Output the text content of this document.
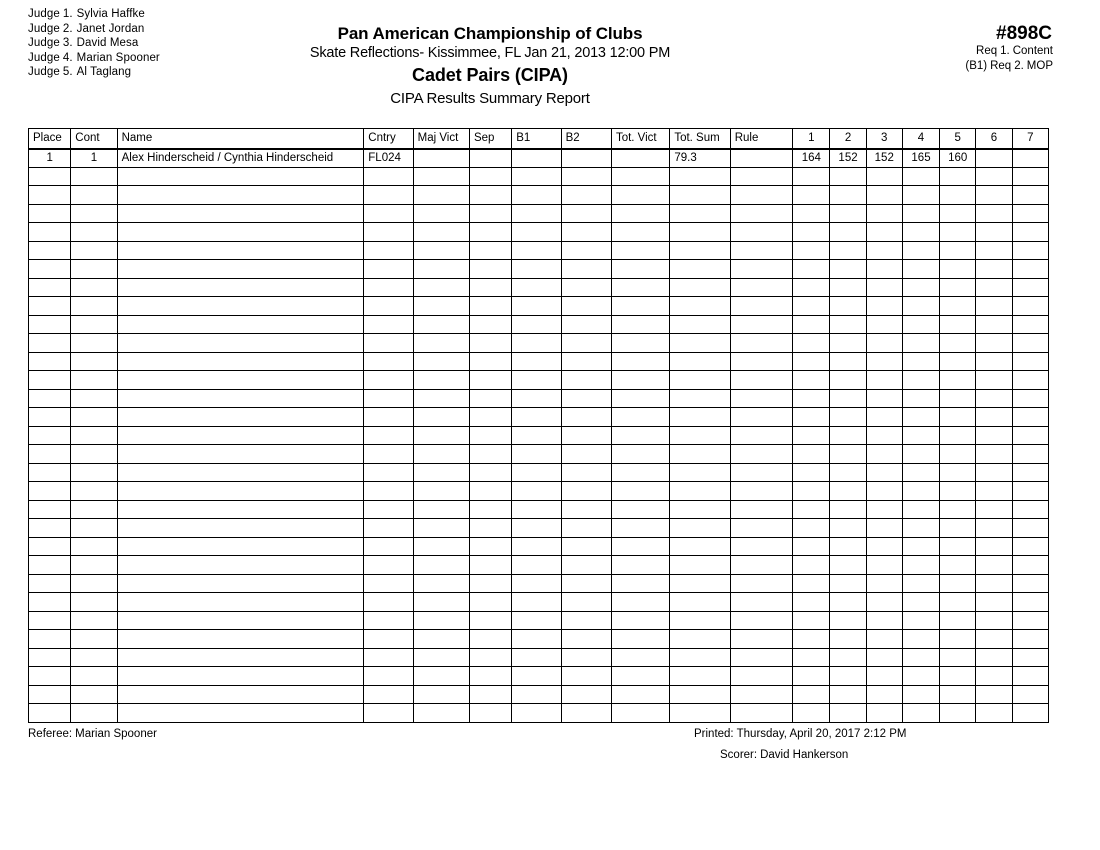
Judge 1. Sylvia Haffke
Judge 2. Janet Jordan
Judge 3. David Mesa
Judge 4. Marian Spooner
Judge 5. Al Taglang
Pan American Championship of Clubs
Skate Reflections- Kissimmee, FL Jan 21, 2013 12:00 PM
Cadet Pairs (CIPA)
CIPA Results Summary Report
#898C
Req 1. Content
(B1) Req 2. MOP
Place	Cont	Name	Cntry	Maj Vict	Sep	B1	B2	Tot. Vict	Tot. Sum	Rule	1	2	3	4	5	6	7
1	1	Alex Hinderscheid / Cynthia Hinderscheid	FL024						79.3		164	152	152	165	160		

Referee: Marian Spooner	Printed: Thursday, April 20, 2017 2:12 PM
Scorer: David Hankerson
